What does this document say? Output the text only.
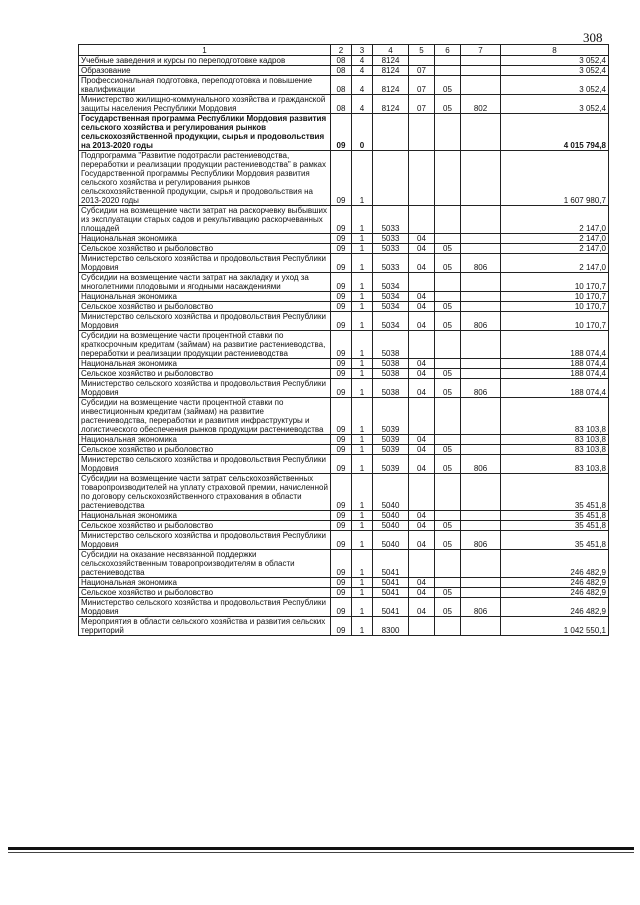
308
1	2	3	4	5	6	7	8
Учебные заведения и курсы по переподготовке кадров	08	4	8124				3 052,4
Образование	08	4	8124	07			3 052,4
Профессиональная подготовка, переподготовка и повышение квалификации	08	4	8124	07	05		3 052,4
Министерство жилищно-коммунального хозяйства и гражданской защиты населения Республики Мордовия	08	4	8124	07	05	802	3 052,4
Государственная программа Республики Мордовия развития сельского хозяйства и регулирования рынков сельскохозяйственной продукции, сырья и продовольствия на 2013-2020 годы	09	0					4 015 794,8
Подпрограмма "Развитие подотрасли растениеводства, переработки и реализации продукции растениеводства" в рамках Государственной программы Республики Мордовия развития сельского хозяйства и регулирования рынков сельскохозяйственной продукции, сырья и продовольствия на 2013-2020 годы	09	1					1 607 980,7
Субсидии на возмещение части затрат на раскорчевку выбывших из эксплуатации старых садов и рекультивацию раскорчеванных площадей	09	1	5033				2 147,0
Национальная экономика	09	1	5033	04			2 147,0
Сельское хозяйство и рыболовство	09	1	5033	04	05		2 147,0
Министерство сельского хозяйства и продовольствия Республики Мордовия	09	1	5033	04	05	806	2 147,0
Субсидии на возмещение части затрат на закладку и уход за многолетними плодовыми и ягодными насаждениями	09	1	5034				10 170,7
Национальная экономика	09	1	5034	04			10 170,7
Сельское хозяйство и рыболовство	09	1	5034	04	05		10 170,7
Министерство сельского хозяйства и продовольствия Республики Мордовия	09	1	5034	04	05	806	10 170,7
Субсидии на возмещение части процентной ставки по краткосрочным кредитам (займам) на развитие растениеводства, переработки и реализации продукции растениеводства	09	1	5038				188 074,4
Национальная экономика	09	1	5038	04			188 074,4
Сельское хозяйство и рыболовство	09	1	5038	04	05		188 074,4
Министерство сельского хозяйства и продовольствия Республики Мордовия	09	1	5038	04	05	806	188 074,4
Субсидии на возмещение части процентной ставки по инвестиционным кредитам (займам) на развитие растениеводства, переработки и развития инфраструктуры и логистического обеспечения рынков продукции растениеводства	09	1	5039				83 103,8
Национальная экономика	09	1	5039	04			83 103,8
Сельское хозяйство и рыболовство	09	1	5039	04	05		83 103,8
Министерство сельского хозяйства и продовольствия Республики Мордовия	09	1	5039	04	05	806	83 103,8
Субсидии на возмещение части затрат сельскохозяйственных товаропроизводителей на уплату страховой премии, начисленной по договору сельскохозяйственного страхования в области растениеводства	09	1	5040				35 451,8
Национальная экономика	09	1	5040	04			35 451,8
Сельское хозяйство и рыболовство	09	1	5040	04	05		35 451,8
Министерство сельского хозяйства и продовольствия Республики Мордовия	09	1	5040	04	05	806	35 451,8
Субсидии на оказание несвязанной поддержки сельскохозяйственным товаропроизводителям в области растениеводства	09	1	5041				246 482,9
Национальная экономика	09	1	5041	04			246 482,9
Сельское хозяйство и рыболовство	09	1	5041	04	05		246 482,9
Министерство сельского хозяйства и продовольствия Республики Мордовия	09	1	5041	04	05	806	246 482,9
Мероприятия в области сельского хозяйства и развития сельских территорий	09	1	8300				1 042 550,1
